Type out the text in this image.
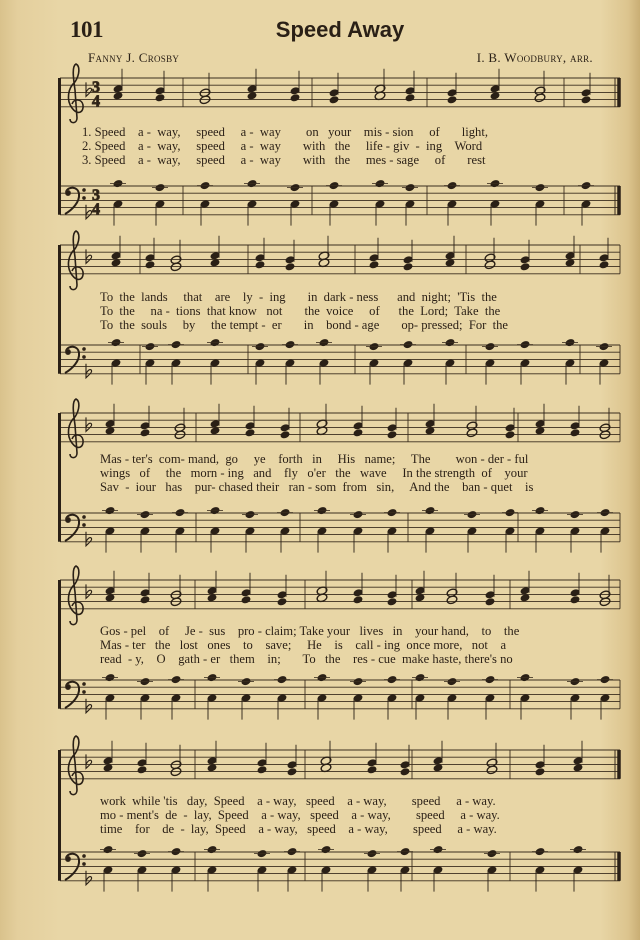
101	Speed Away
Fanny J. Crosby	I. B. Woodbury, arr.
3
4
3
4
1. Speed    a -  way,     speed     a -  way        on   your    mis - sion     of       light,
2. Speed    a -  way,     speed     a -  way       with   the     life - giv  -  ing    Word
3. Speed    a -  way,     speed     a -  way       with   the     mes - sage     of       rest
To  the  lands     that    are    ly  -  ing       in  dark - ness      and  night;  'Tis  the
To  the     na -  tions  that know   not       the  voice     of      the  Lord;  Take  the
To  the  souls     by     the tempt -  er       in    bond - age       op- pressed;  For  the
Mas - ter's  com- mand,  go     ye    forth   in     His   name;     The        won - der - ful
wings   of     the   morn - ing   and    fly   o'er   the   wave     In the strength  of    your
Sav  -  iour   has    pur- chased their   ran - som  from   sin,     And the    ban - quet    is
Gos - pel    of     Je -  sus    pro - claim; Take your   lives   in    your hand,    to    the
Mas - ter   the   lost   ones    to    save;     He    is    call - ing  once more,   not    a
read  - y,    O    gath - er   them    in;       To   the    res - cue  make haste, there's no
work  while 'tis   day,  Speed    a - way,   speed    a - way,        speed     a - way.
mo - ment's  de  -  lay,  Speed    a - way,   speed    a - way,        speed     a - way.
time    for    de  -  lay,  Speed    a - way,   speed    a - way,        speed     a - way.
